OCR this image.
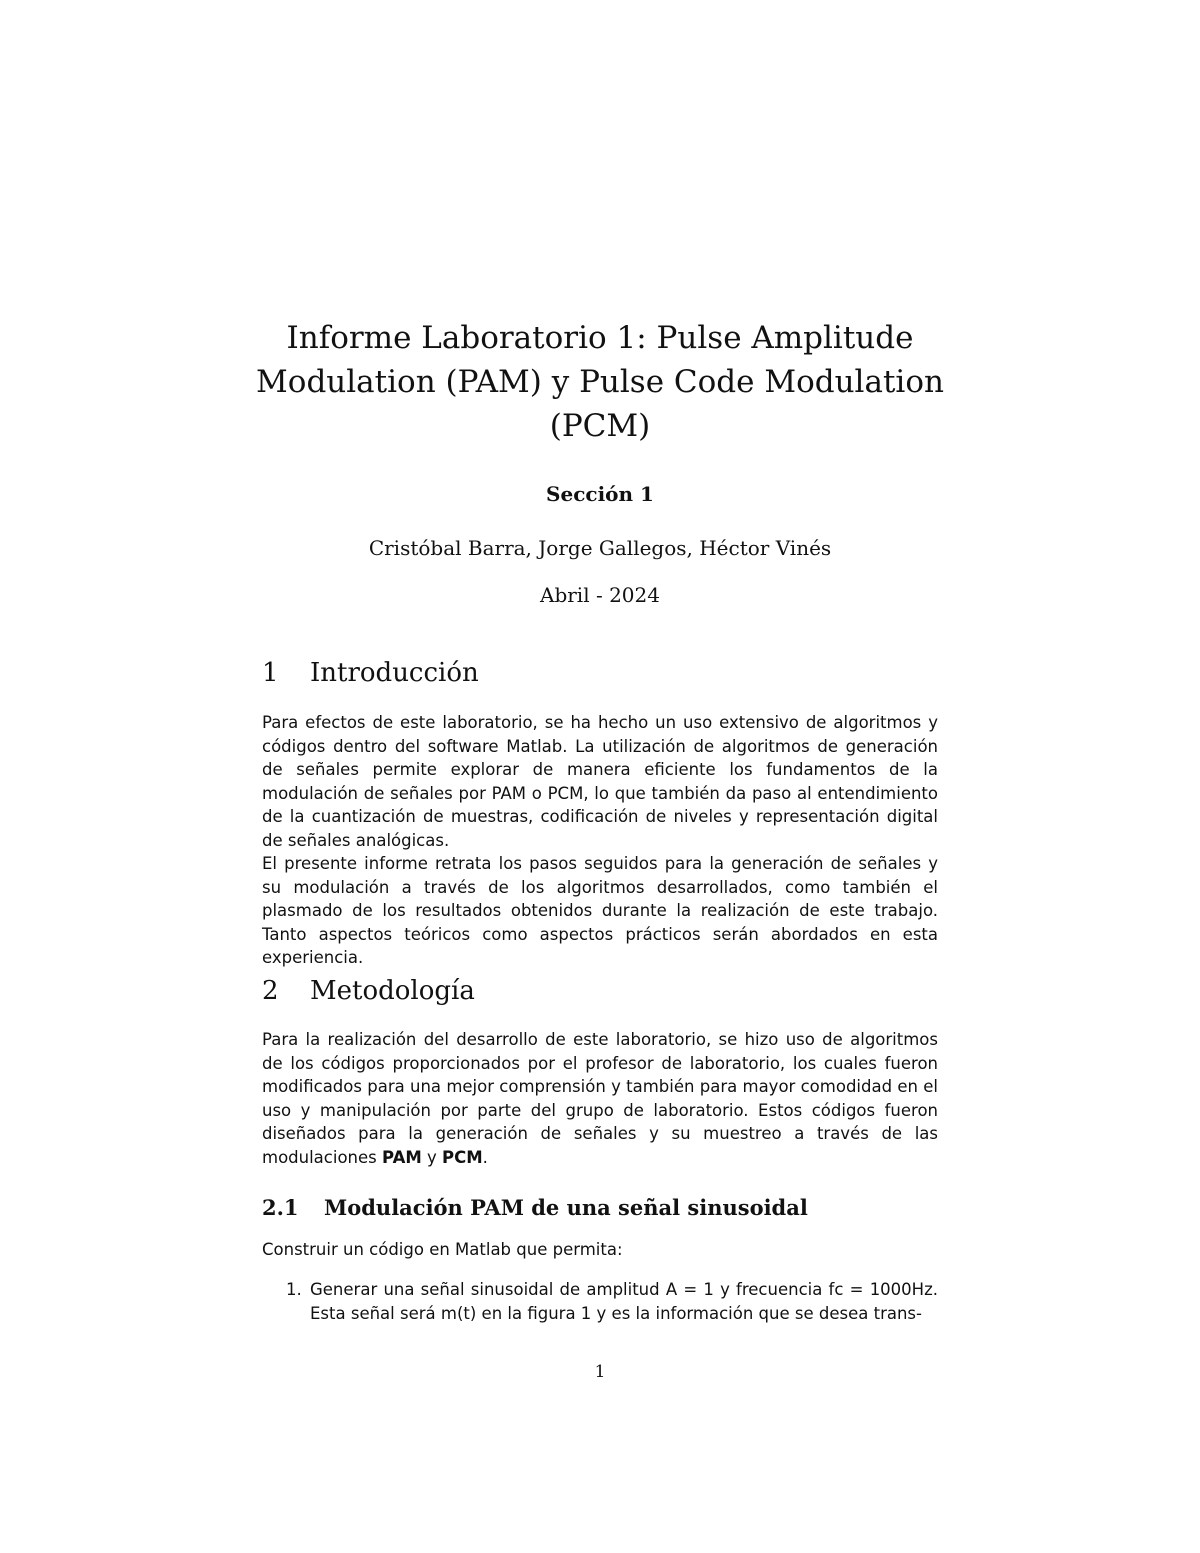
Informe Laboratorio 1: Pulse Amplitude Modulation (PAM) y Pulse Code Modulation (PCM)

Sección 1

Cristóbal Barra, Jorge Gallegos, Héctor Vinés

Abril - 2024

1 Introducción

Para efectos de este laboratorio, se ha hecho un uso extensivo de algoritmos y códigos dentro del software Matlab. La utilización de algoritmos de generación de señales permite explorar de manera eficiente los fundamentos de la modulación de señales por PAM o PCM, lo que también da paso al entendimiento de la cuantización de muestras, codificación de niveles y representación digital de señales analógicas.

El presente informe retrata los pasos seguidos para la generación de señales y su modulación a través de los algoritmos desarrollados, como también el plasmado de los resultados obtenidos durante la realización de este trabajo. Tanto aspectos teóricos como aspectos prácticos serán abordados en esta experiencia.

2 Metodología

Para la realización del desarrollo de este laboratorio, se hizo uso de algoritmos de los códigos proporcionados por el profesor de laboratorio, los cuales fueron modificados para una mejor comprensión y también para mayor comodidad en el uso y manipulación por parte del grupo de laboratorio. Estos códigos fueron diseñados para la generación de señales y su muestreo a través de las modulaciones PAM y PCM.

2.1 Modulación PAM de una señal sinusoidal

Construir un código en Matlab que permita:

1. Generar una señal sinusoidal de amplitud A = 1 y frecuencia fc = 1000Hz. Esta señal será m(t) en la figura 1 y es la información que se desea trans-

1
